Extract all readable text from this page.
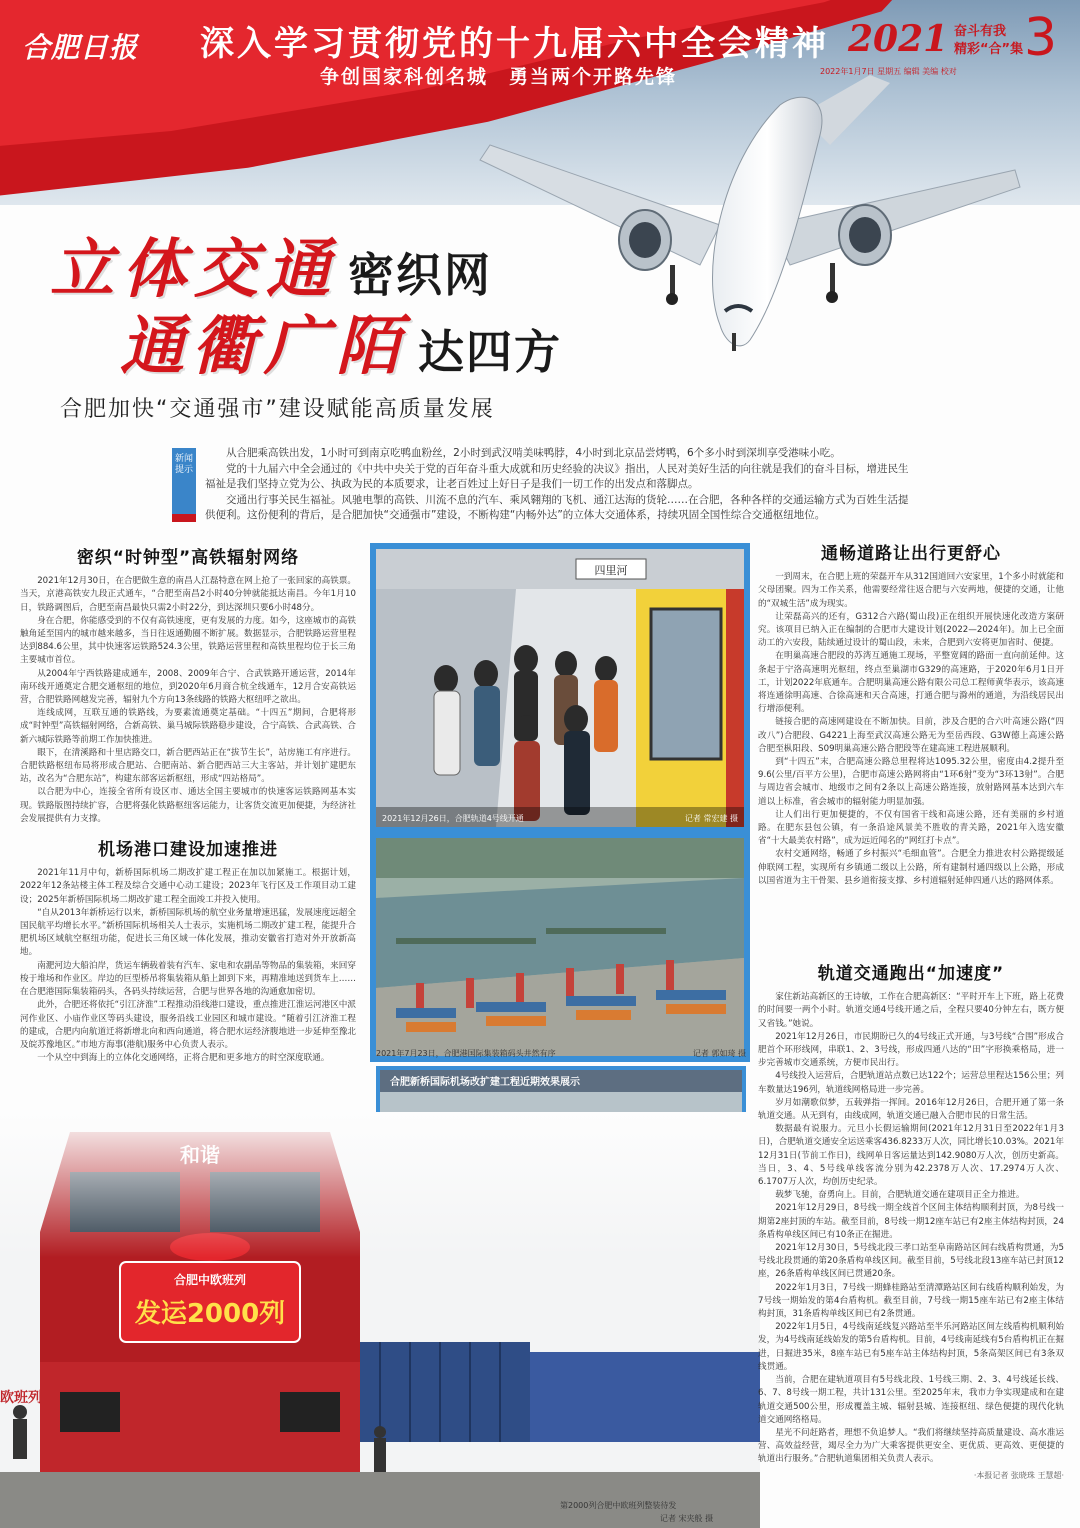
合肥日报 深入学习贯彻党的十九届六中全会精神
争创国家科创名城　勇当两个开路先锋
2021 奋斗有我
精彩“合”集 3
2022年1月7日 星期五 编辑 美编 校对
立体交通 密织网
通衢广陌 达四方
合肥加快“交通强市”建设赋能高质量发展
新闻提示

从合肥乘高铁出发，1小时可到南京吃鸭血粉丝，2小时到武汉啃美味鸭脖，4小时到北京品尝烤鸭，6个多小时到深圳享受港味小吃。

党的十九届六中全会通过的《中共中央关于党的百年奋斗重大成就和历史经验的决议》指出，人民对美好生活的向往就是我们的奋斗目标，增进民生福祉是我们坚持立党为公、执政为民的本质要求，让老百姓过上好日子是我们一切工作的出发点和落脚点。

交通出行事关民生福祉。风驰电掣的高铁、川流不息的汽车、乘风翱翔的飞机、通江达海的货轮……在合肥，各种各样的交通运输方式为百姓生活提供便利。这份便利的背后，是合肥加快“交通强市”建设，不断构建“内畅外达”的立体大交通体系，持续巩固全国性综合交通枢纽地位。

密织“时钟型”高铁辐射网络

2021年12月30日，在合肥做生意的南昌人江磊特意在网上抢了一张回家的高铁票。当天，京港高铁安九段正式通车，“合肥至南昌2小时40分钟就能抵达南昌。今年1月10日，铁路调图后，合肥至南昌最快只需2小时22分，到达深圳只要6小时48分。

身在合肥，你能感受到的不仅有高铁速度，更有发展的力度。如今，这座城市的高铁触角延至国内的城市越来越多，当日往返通勤圈不断扩展。数据显示，合肥铁路运营里程达到884.6公里，其中快速客运铁路524.3公里，铁路运营里程和高铁里程均位于长三角主要城市首位。

从2004年宁西铁路建成通车，2008、2009年合宁、合武铁路开通运营，2014年南环线开通奠定合肥交通枢纽的地位，到2020年6月商合杭全线通车，12月合安高铁运营，合肥铁路网越发完善，辐射九个方向13条线路的铁路大枢纽呼之欲出。

连线成网，互联互通的铁路线，为要素流通奠定基础。“十四五”期间，合肥将形成“时钟型”高铁辐射网络，合新高铁、巢马城际铁路稳步建设，合宁高铁、合武高铁、合新六城际铁路等前期工作加快推进。

眼下，在清溪路和十里店路交口，新合肥西站正在“拔节生长”，站房施工有序进行。合肥铁路枢纽布局将形成合肥站、合肥南站、新合肥西站三大主客站，并计划扩建肥东站，改名为“合肥东站”，构建东部客运新枢纽，形成“四站格局”。

以合肥为中心，连接全省所有设区市、通达全国主要城市的快速客运铁路网基本实现。铁路版图持续扩容，合肥将强化铁路枢纽客运能力，让客货交流更加便捷，为经济社会发展提供有力支撑。

机场港口建设加速推进

2021年11月中旬，新桥国际机场二期改扩建工程正在加以加紧施工。根据计划，2022年12条站楼主体工程及综合交通中心动工建设；2023年飞行区及工作项目动工建设；2025年新桥国际机场二期改扩建工程全面竣工并投入使用。

“自从2013年新桥运行以来，新桥国际机场的航空业务量增速迅猛，发展速度远超全国民航平均增长水平。”新桥国际机场相关人士表示，实施机场二期改扩建工程，能提升合肥机场区域航空枢纽功能，促进长三角区域一体化发展，推动安徽省打造对外开放新高地。

南淝河边大船泊岸，货运车辆载着装有汽车、家电和农副品等物品的集装箱，来回穿梭于堆场和作业区。岸边的巨型桥吊将集装箱从船上卸到下来，再精准地送到货车上……在合肥港国际集装箱码头，各码头持续运营，合肥与世界各地的沟通愈加密切。

此外，合肥还将依托“引江济淮”工程推动沿线港口建设，重点推进江淮运河港区中派河作业区、小庙作业区等码头建设，服务沿线工业园区和城市建设。“随着引江济淮工程的建成，合肥内向航道迁将新增北向和西向通道，将合肥水运经济腹地进一步延伸至豫北及皖苏豫地区。”市地方海事(港航)服务中心负责人表示。

一个从空中到海上的立体化交通网络，正将合肥和更多地方的时空深度联通。

四里河
2021年12月26日，合肥轨道4号线开通	记者 常宏建 摄
2021年7月23日，合肥港国际集装箱码头井然有序	记者 郭如琦 摄
合肥新桥国际机场改扩建工程近期效果展示
第2000列合肥中欧班列整装待发
记者 宋夹般 摄
通畅道路让出行更舒心

一到周末，在合肥上班的荣磊开车从312国道回六安家里，1个多小时就能和父母团聚。四为工作关系，他需要经常往返合肥与六安两地，便捷的交通，让他的“双城生活”成为现实。

让荣磊高兴的还有，G312合六路(蜀山段)正在组织开展快速化改造方案研究。该项目已纳入正在编制的合肥市大建设计划(2022—2024年)。加上已全面动工的六安段，陆续通过设计的蜀山段，未来，合肥到六安将更加省时、便捷。

在明巢高速合肥段的苏湾互通施工现场，平整宽阔的路面一直向前延伸。这条起于宁洛高速明光枢纽，终点至巢湖市G329的高速路，于2020年6月1日开工，计划2022年底通车。合肥明巢高速公路有限公司总工程师黄华表示，该高速将连通徐明高速、合徐高速和天合高速，打通合肥与滁州的通道，为沿线居民出行增添便利。

链接合肥的高速网建设在不断加快。目前，涉及合肥的合六叶高速公路(“四改八”)合肥段、G4221上海至武汉高速公路无为至岳西段、G3W德上高速公路合肥至枞阳段、S09明巢高速公路合肥段等在建高速工程进展顺利。

到“十四五”末，合肥高速公路总里程将达1095.32公里，密度由4.2提升至9.6(公里/百平方公里)，合肥市高速公路网将由“1环6射”变为“3环13射”。合肥与周边省会城市、地级市之间有2条以上高速公路连接，放射路网基本达到六车道以上标准，省会城市的辐射能力明显加强。

让人们出行更加便捷的，不仅有国省干线和高速公路，还有美丽的乡村道路。在肥东县包公镇，有一条沿途风景美不胜收的青关路，2021年入选安徽省“十大最美农村路”，成为远近闻名的“网红打卡点”。

农村交通网络，畅通了乡村振兴“毛细血管”。合肥全力推进农村公路提级延伸联网工程，实现所有乡镇通二级以上公路，所有建制村通四级以上公路，形成以国省道为主干骨架、县乡道衔接支撑、乡村道辐射延伸四通八达的路网体系。

轨道交通跑出“加速度”

家住新站高新区的王诗敏，工作在合肥高新区：“平时开车上下班，路上花费的时间要一两个小时。轨道交通4号线开通之后，全程只要40分钟左右，既方便又省钱。”她说。

2021年12月26日，市民期盼已久的4号线正式开通，与3号线“合围”形成合肥首个环形线网，串联1、2、3号线，形成四通八达的“田”字形换乘格局，进一步完善城市交通系统，方便市民出行。

4号线投入运营后，合肥轨道站点数已达122个；运营总里程达156公里；列车数量达196列，轨道线网格局进一步完善。

岁月如潮歌似梦，五载弹指一挥间。2016年12月26日，合肥开通了第一条轨道交通。从无到有，由线成网，轨道交通已融入合肥市民的日常生活。

数据最有说服力。元旦小长假运输期间(2021年12月31日至2022年1月3日)，合肥轨道交通安全运送乘客436.8233万人次，同比增长10.03%。2021年12月31日(节前工作日)，线网单日客运量达到142.9080万人次，创历史新高。当日，3、4、5号线单线客流分别为42.2378万人次、17.2974万人次、6.1707万人次，均创历史纪录。

载梦飞驰，奋勇向上。目前，合肥轨道交通在建项目正全力推进。

2021年12月29日，8号线一期全线首个区间主体结构顺利封顶，为8号线一期第2座封顶的车站。截至目前，8号线一期12座车站已有2座主体结构封顶，24条盾构单线区间已有10条正在掘进。

2021年12月30日，5号线北段三孝口站至阜南路站区间右线盾构贯通，为5号线北段贯通的第20条盾构单线区间。截至目前，5号线北段13座车站已封顶12座，26条盾构单线区间已贯通20条。

2022年1月3日，7号线一期蜂桂路站至清潭路站区间右线盾构顺利始发，为7号线一期始发的第4台盾构机。截至目前，7号线一期15座车站已有2座主体结构封顶，31条盾构单线区间已有2条贯通。

2022年1月5日，4号线南延线复兴路站至半乐河路站区间左线盾构机顺利始发，为4号线南延线始发的第5台盾构机。目前，4号线南延线有5台盾构机正在掘进，日掘进35米，8座车站已有5座车站主体结构封顶，5条高架区间已有3条双线贯通。

当前，合肥在建轨道项目有5号线北段、1号线三期、2、3、4号线延长线、6、7、8号线一期工程，共计131公里。至2025年末，我市力争实现建成和在建轨道交通500公里，形成覆盖主城、辐射县城、连接枢纽、绿色便捷的现代化轨道交通网络格局。

星光不问赶路者，理想不负追梦人。“我们将继续坚持高质量建设、高水准运营、高效益经营，竭尽全力为广大乘客提供更安全、更优质、更高效、更便捷的轨道出行服务。”合肥轨道集团相关负责人表示。

·本报记者 张晓珠 王慧超·
